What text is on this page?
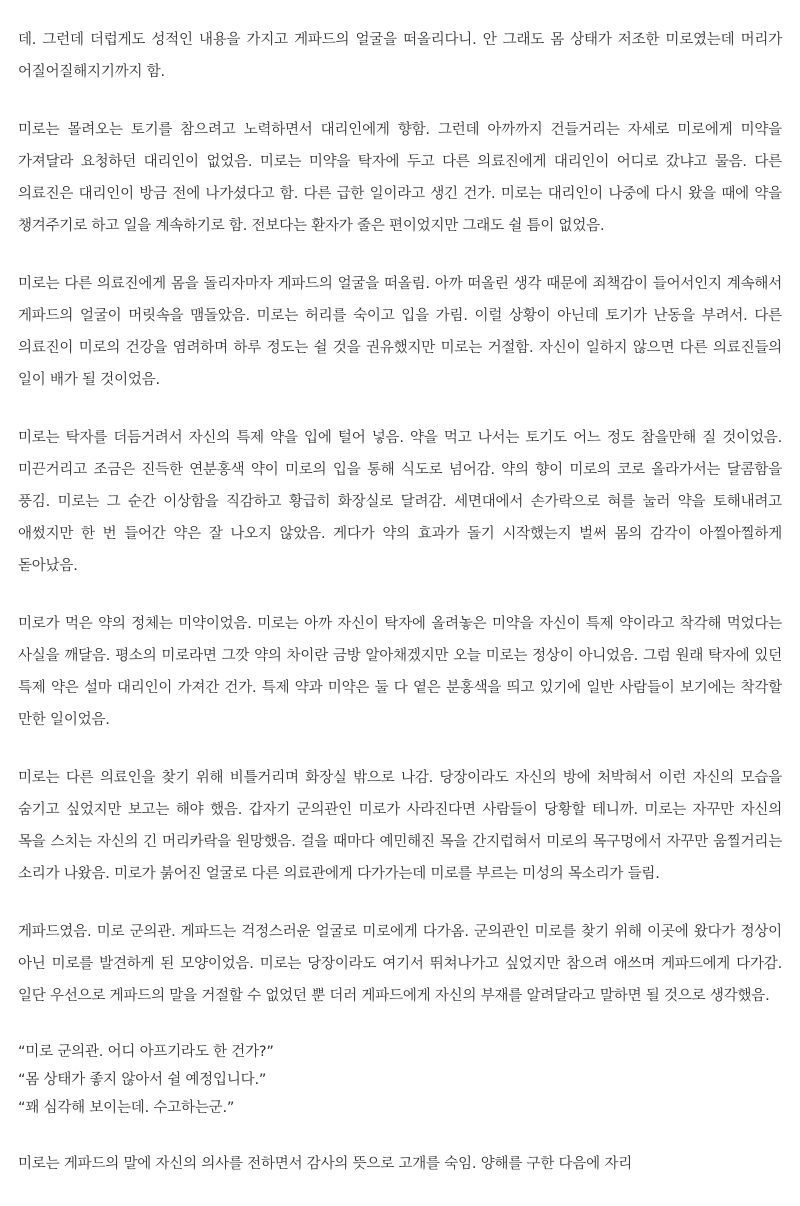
데. 그런데 더럽게도 성적인 내용을 가지고 게파드의 얼굴을 떠올리다니. 안 그래도 몸 상태가 저조한 미로였는데 머리가 어질어질해지기까지 함.

미로는 몰려오는 토기를 참으려고 노력하면서 대리인에게 향함. 그런데 아까까지 건들거리는 자세로 미로에게 미약을 가져달라 요청하던 대리인이 없었음. 미로는 미약을 탁자에 두고 다른 의료진에게 대리인이 어디로 갔냐고 물음. 다른 의료진은 대리인이 방금 전에 나가셨다고 함. 다른 급한 일이라고 생긴 건가. 미로는 대리인이 나중에 다시 왔을 때에 약을 챙겨주기로 하고 일을 계속하기로 함. 전보다는 환자가 줄은 편이었지만 그래도 쉴 틈이 없었음.

미로는 다른 의료진에게 몸을 돌리자마자 게파드의 얼굴을 떠올림. 아까 떠올린 생각 때문에 죄책감이 들어서인지 계속해서 게파드의 얼굴이 머릿속을 맴돌았음. 미로는 허리를 숙이고 입을 가림. 이럴 상황이 아닌데 토기가 난동을 부려서. 다른 의료진이 미로의 건강을 염려하며 하루 정도는 쉴 것을 권유했지만 미로는 거절함. 자신이 일하지 않으면 다른 의료진들의 일이 배가 될 것이었음.

미로는 탁자를 더듬거려서 자신의 특제 약을 입에 털어 넣음. 약을 먹고 나서는 토기도 어느 정도 참을만해 질 것이었음. 미끈거리고 조금은 진득한 연분홍색 약이 미로의 입을 통해 식도로 넘어감. 약의 향이 미로의 코로 올라가서는 달콤함을 풍김. 미로는 그 순간 이상함을 직감하고 황급히 화장실로 달려감. 세면대에서 손가락으로 혀를 눌러 약을 토해내려고 애썼지만 한 번 들어간 약은 잘 나오지 않았음. 게다가 약의 효과가 돌기 시작했는지 벌써 몸의 감각이 아찔아찔하게 돋아났음.

미로가 먹은 약의 정체는 미약이었음. 미로는 아까 자신이 탁자에 올려놓은 미약을 자신이 특제 약이라고 착각해 먹었다는 사실을 깨달음. 평소의 미로라면 그깟 약의 차이란 금방 알아채겠지만 오늘 미로는 정상이 아니었음. 그럼 원래 탁자에 있던 특제 약은 설마 대리인이 가져간 건가. 특제 약과 미약은 둘 다 옅은 분홍색을 띄고 있기에 일반 사람들이 보기에는 착각할 만한 일이었음.

미로는 다른 의료인을 찾기 위해 비틀거리며 화장실 밖으로 나감. 당장이라도 자신의 방에 처박혀서 이런 자신의 모습을 숨기고 싶었지만 보고는 해야 했음. 갑자기 군의관인 미로가 사라진다면 사람들이 당황할 테니까. 미로는 자꾸만 자신의 목을 스치는 자신의 긴 머리카락을 원망했음. 걸을 때마다 예민해진 목을 간지럽혀서 미로의 목구멍에서 자꾸만 움찔거리는 소리가 나왔음. 미로가 붉어진 얼굴로 다른 의료관에게 다가가는데 미로를 부르는 미성의 목소리가 들림.

게파드였음. 미로 군의관. 게파드는 걱정스러운 얼굴로 미로에게 다가옴. 군의관인 미로를 찾기 위해 이곳에 왔다가 정상이 아닌 미로를 발견하게 된 모양이었음. 미로는 당장이라도 여기서 뛰쳐나가고 싶었지만 참으려 애쓰며 게파드에게 다가감. 일단 우선으로 게파드의 말을 거절할 수 없었던 뿐 더러 게파드에게 자신의 부재를 알려달라고 말하면 될 것으로 생각했음.

“미로 군의관. 어디 아프기라도 한 건가?”
“몸 상태가 좋지 않아서 쉴 예정입니다.”
“꽤 심각해 보이는데. 수고하는군.”

미로는 게파드의 말에 자신의 의사를 전하면서 감사의 뜻으로 고개를 숙임. 양해를 구한 다음에 자리
